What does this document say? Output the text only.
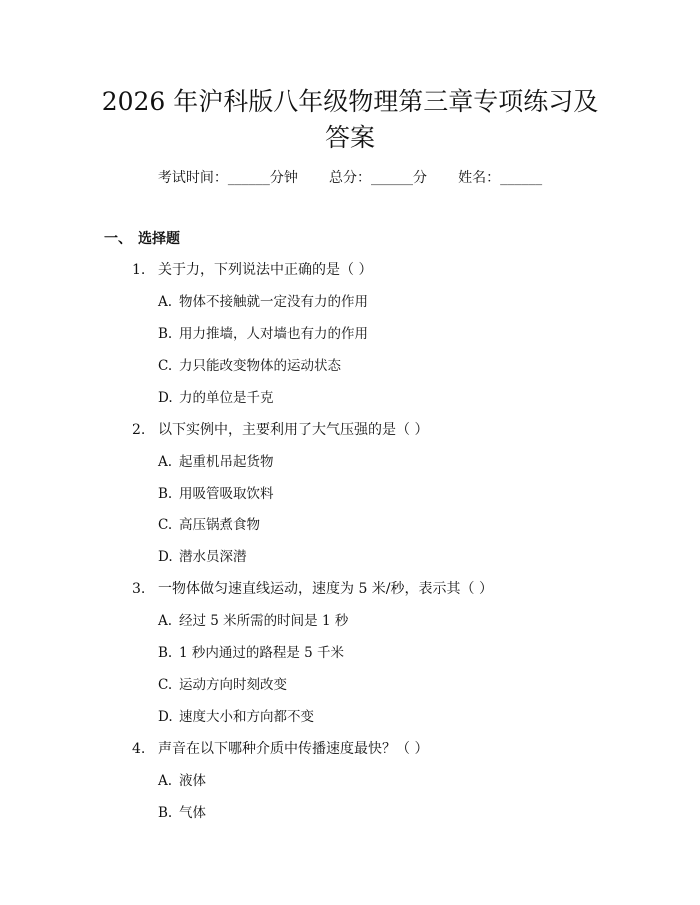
2026 年沪科版八年级物理第三章专项练习及
答案
考试时间：______分钟 总分：______分 姓名：______
一、 选择题
1. 关于力，下列说法中正确的是（ ）
A. 物体不接触就一定没有力的作用
B. 用力推墙，人对墙也有力的作用
C. 力只能改变物体的运动状态
D. 力的单位是千克
2. 以下实例中，主要利用了大气压强的是（ ）
A. 起重机吊起货物
B. 用吸管吸取饮料
C. 高压锅煮食物
D. 潜水员深潜
3. 一物体做匀速直线运动，速度为 5 米/秒，表示其（ ）
A. 经过 5 米所需的时间是 1 秒
B. 1 秒内通过的路程是 5 千米
C. 运动方向时刻改变
D. 速度大小和方向都不变
4. 声音在以下哪种介质中传播速度最快？（ ）
A. 液体
B. 气体
